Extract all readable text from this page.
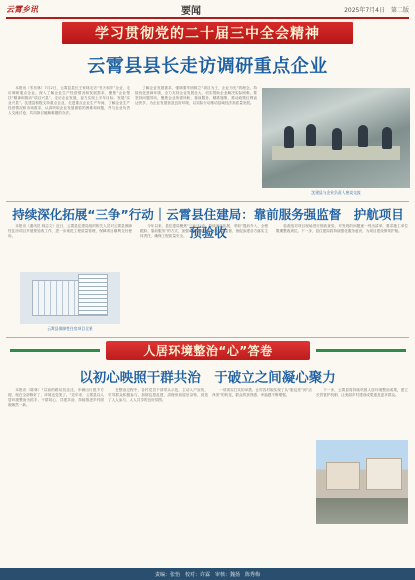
云霄乡讯	要闻	2025年7月4日　第二版
学习贯彻党的二十届三中全会精神
云霄县县长走访调研重点企业

本报讯（朱东林）7月2日，云霄县县长王家林走访“书天和乡”企业，走访调研重点企业。深入了解企业生产经营情况和发展需求，聚焦“企业帮扶”精神和推动“项目兴县”，走访企业发展，奋力实现上半年目标，发展“实业兴县”。沈建县积极支持重点企业，走进重点企业生产车间，了解企业生产经营情况和市场需求，认真听取企业发展面临的困难和问题，并与企业负责人交流讨论，共同探讨破解难题的办法。

了解企业发展需求，强调要牢固树立“项目为王、企业为先”的理念，持续优化营商环境，全力支持企业发展壮大，切实帮助企业解决实际困难。要坚持问题导向，聚焦企业所需所盼，靠前服务，精准施策，推动政策红利直达快享，为企业发展营造良好环境，以实际行动推动县域经济高质量发展。

沈建县与企业负责人座谈交流
持续深化拓展“三争”行动｜云霄县住建局：靠前服务强监督　护航项目预验收

本报讯（通讯员 林志文）近日，云霄县住建局组织相关人员对云霄县保障性住房项目开展预验收工作，进一步规范工程质量管理，保障项目顺利交付使用。

云霄县保障性住房项目全景

今年以来，县住建局聚焦“三争”行动，持续深化拓展，采取“提前介入、全程跟踪、靠前服务”的方式，加强对在建项目的质量安全监督，督促参建各方落实主体责任，确保工程质量安全。

检查组对项目现场进行细致查验，对发现的问题逐一列出清单，要求施工单位限期整改到位。下一步，县住建局将持续强化服务意识，为项目建设保驾护航。

人居环境整治“心”答卷
以初心映照干群共治　于破立之间凝心聚力

本报讯（陈林）“以前的路坑坑洼洼，车辆出行很不方便，现在全部修好了，环境也变美了。”近年来，云霄县以人居环境整治为抓手，干群同心、共建共治，持续推进乡村面貌焕然一新。

在整治过程中，各村党员干部带头示范，主动入户宣传，引导群众积极参与，拆除乱搭乱建，清理房前屋后杂物，营造了人人参与、人人共享的良好氛围。

一项项实打实的举措，让村容村貌实现了从“脏乱差”到“洁净美”的转变，群众的获得感、幸福感不断增强。

下一步，云霄县将持续巩固人居环境整治成果，建立长效管护机制，让美丽乡村建设成果惠及更多群众。

责编：张怡　校对：许霖　审核：魏扬　陈秀梅
